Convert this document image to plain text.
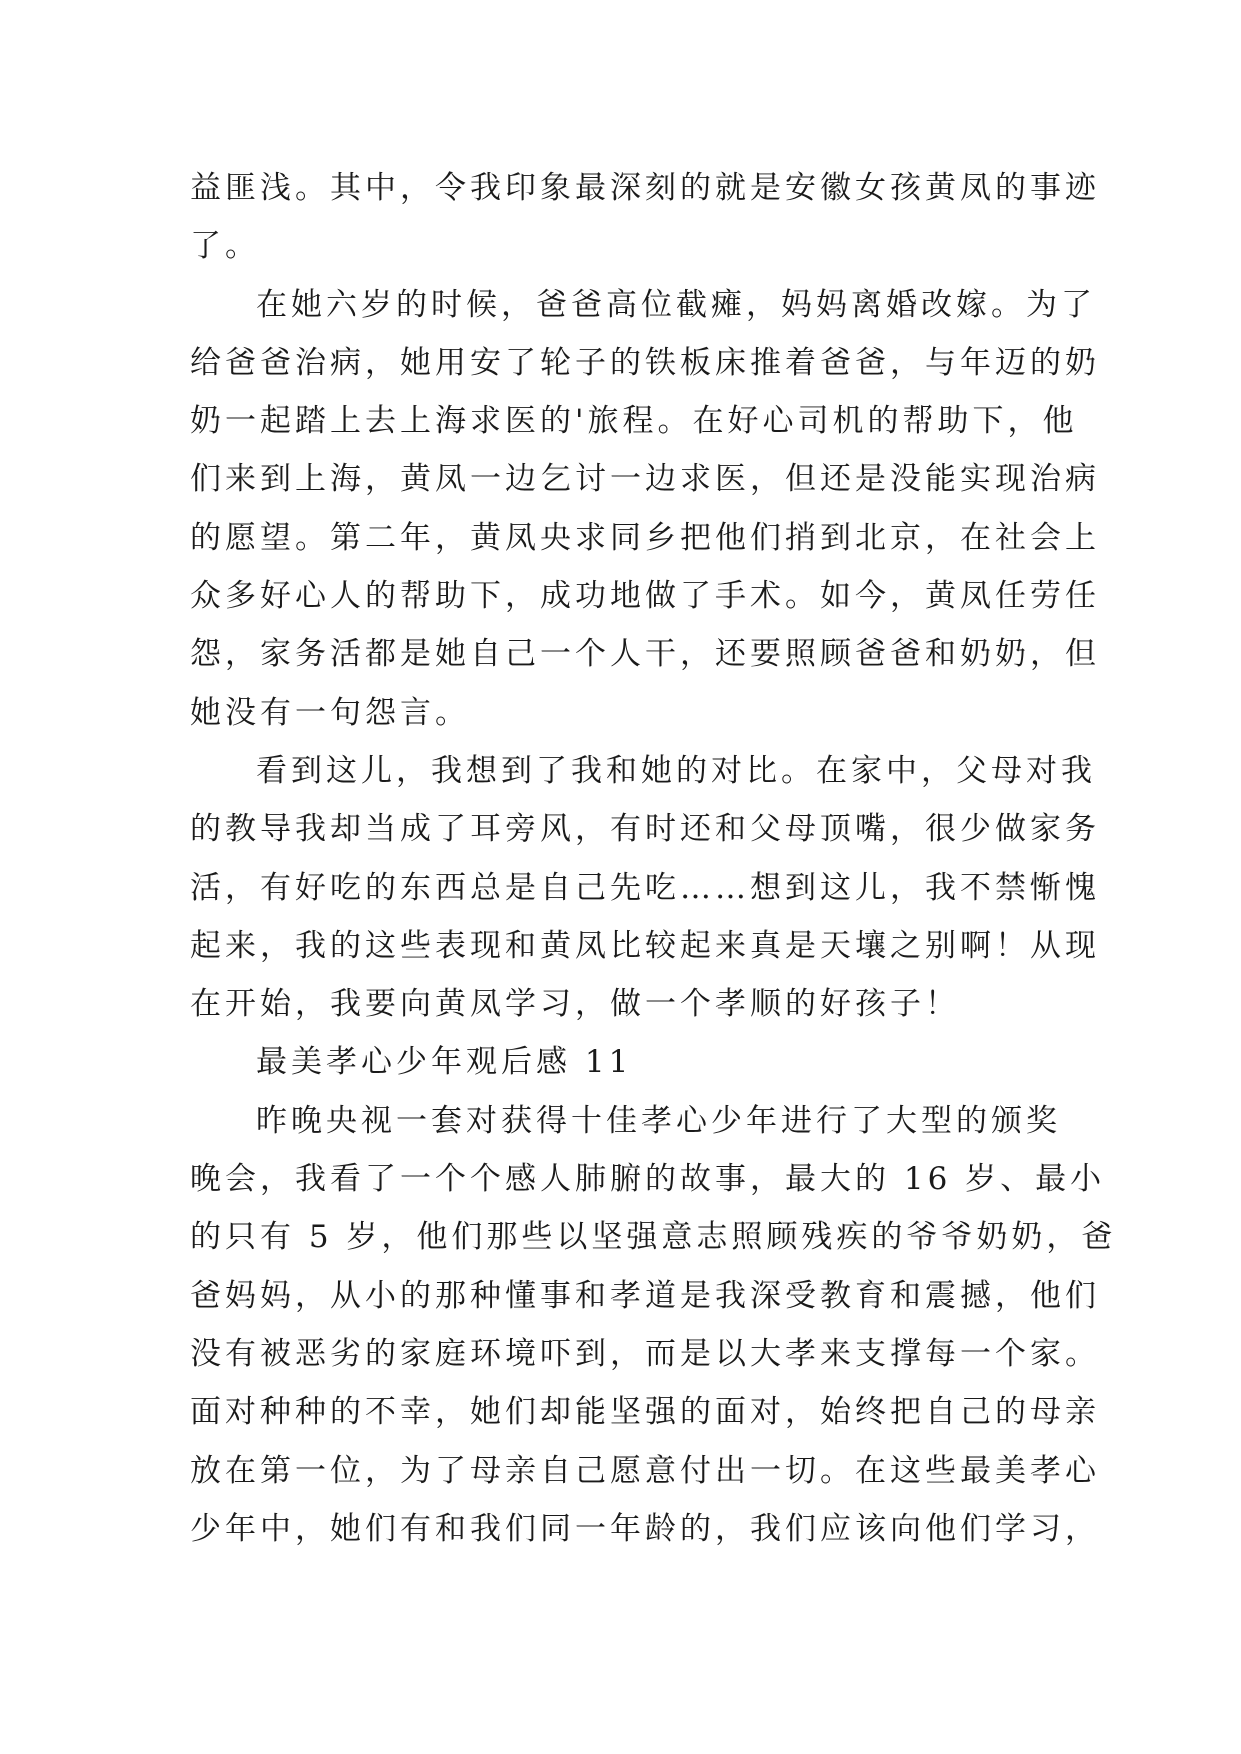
益匪浅。其中，令我印象最深刻的就是安徽女孩黄凤的事迹
了。
在她六岁的时候，爸爸高位截瘫，妈妈离婚改嫁。为了
给爸爸治病，她用安了轮子的铁板床推着爸爸，与年迈的奶
奶一起踏上去上海求医的'旅程。在好心司机的帮助下，他
们来到上海，黄凤一边乞讨一边求医，但还是没能实现治病
的愿望。第二年，黄凤央求同乡把他们捎到北京，在社会上
众多好心人的帮助下，成功地做了手术。如今，黄凤任劳任
怨，家务活都是她自己一个人干，还要照顾爸爸和奶奶，但
她没有一句怨言。
看到这儿，我想到了我和她的对比。在家中，父母对我
的教导我却当成了耳旁风，有时还和父母顶嘴，很少做家务
活，有好吃的东西总是自己先吃……想到这儿，我不禁惭愧
起来，我的这些表现和黄凤比较起来真是天壤之别啊！从现
在开始，我要向黄凤学习，做一个孝顺的好孩子！
最美孝心少年观后感 11
昨晚央视一套对获得十佳孝心少年进行了大型的颁奖
晚会，我看了一个个感人肺腑的故事，最大的 16 岁、最小
的只有 5 岁，他们那些以坚强意志照顾残疾的爷爷奶奶，爸
爸妈妈，从小的那种懂事和孝道是我深受教育和震撼，他们
没有被恶劣的家庭环境吓到，而是以大孝来支撑每一个家。
面对种种的不幸，她们却能坚强的面对，始终把自己的母亲
放在第一位，为了母亲自己愿意付出一切。在这些最美孝心
少年中，她们有和我们同一年龄的，我们应该向他们学习，
